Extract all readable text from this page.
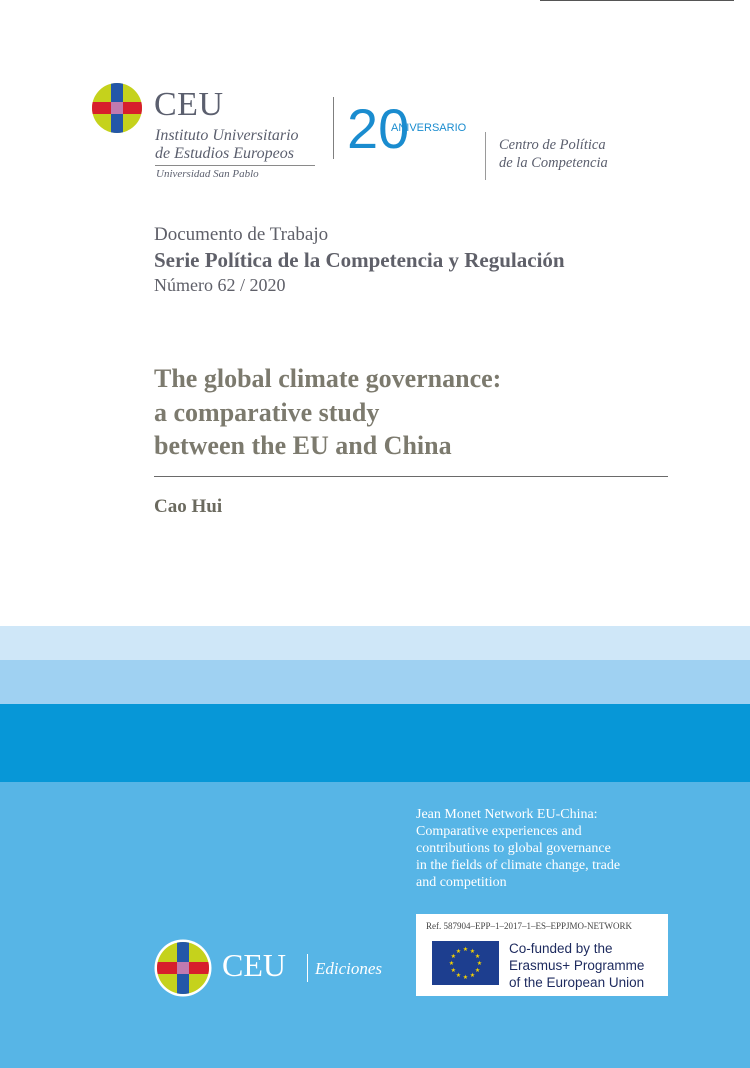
CEU
Instituto Universitario
de Estudios Europeos
Universidad San Pablo
20
ANIVERSARIO
Centro de Política
de la Competencia
Documento de Trabajo
Serie Política de la Competencia y Regulación
Número 62 / 2020
The global climate governance:
a comparative study
between the EU and China
Cao Hui
Jean Monet Network EU-China:
Comparative experiences and
contributions to global governance
in the fields of climate change, trade
and competition
Ref. 587904–EPP–1–2017–1–ES–EPPJMO-NETWORK
★ ★
★
★
★
★
★
★
★
★
★
★	Co-funded by the
Erasmus+ Programme
of the European Union
CEU Ediciones
